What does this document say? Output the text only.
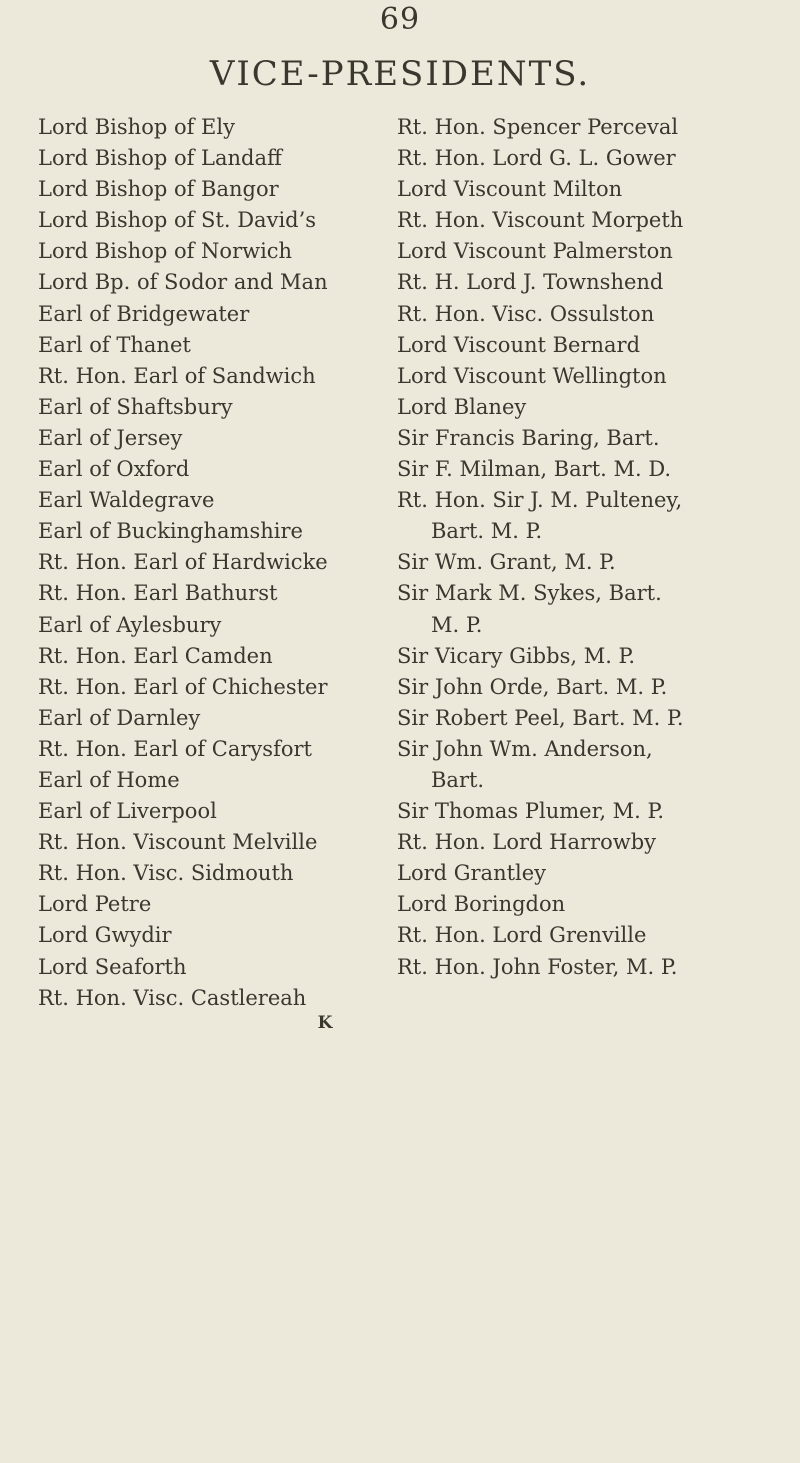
69
VICE-PRESIDENTS.
Lord Bishop of Ely
Lord Bishop of Landaff
Lord Bishop of Bangor
Lord Bishop of St. David’s
Lord Bishop of Norwich
Lord Bp. of Sodor and Man
Earl of Bridgewater
Earl of Thanet
Rt. Hon. Earl of Sandwich
Earl of Shaftsbury
Earl of Jersey
Earl of Oxford
Earl Waldegrave
Earl of Buckinghamshire
Rt. Hon. Earl of Hardwicke
Rt. Hon. Earl Bathurst
Earl of Aylesbury
Rt. Hon. Earl Camden
Rt. Hon. Earl of Chichester
Earl of Darnley
Rt. Hon. Earl of Carysfort
Earl of Home
Earl of Liverpool
Rt. Hon. Viscount Melville
Rt. Hon. Visc. Sidmouth
Lord Petre
Lord Gwydir
Lord Seaforth
Rt. Hon. Visc. Castlereah
Rt. Hon. Spencer Perceval
Rt. Hon. Lord G. L. Gower
Lord Viscount Milton
Rt. Hon. Viscount Morpeth
Lord Viscount Palmerston
Rt. H. Lord J. Townshend
Rt. Hon. Visc. Ossulston
Lord Viscount Bernard
Lord Viscount Wellington
Lord Blaney
Sir Francis Baring, Bart.
Sir F. Milman, Bart. M. D.
Rt. Hon. Sir J. M. Pulteney,
Bart. M. P.
Sir Wm. Grant, M. P.
Sir Mark M. Sykes, Bart.
M. P.
Sir Vicary Gibbs, M. P.
Sir John Orde, Bart. M. P.
Sir Robert Peel, Bart. M. P.
Sir John Wm. Anderson,
Bart.
Sir Thomas Plumer, M. P.
Rt. Hon. Lord Harrowby
Lord Grantley
Lord Boringdon
Rt. Hon. Lord Grenville
Rt. Hon. John Foster, M. P.
K
